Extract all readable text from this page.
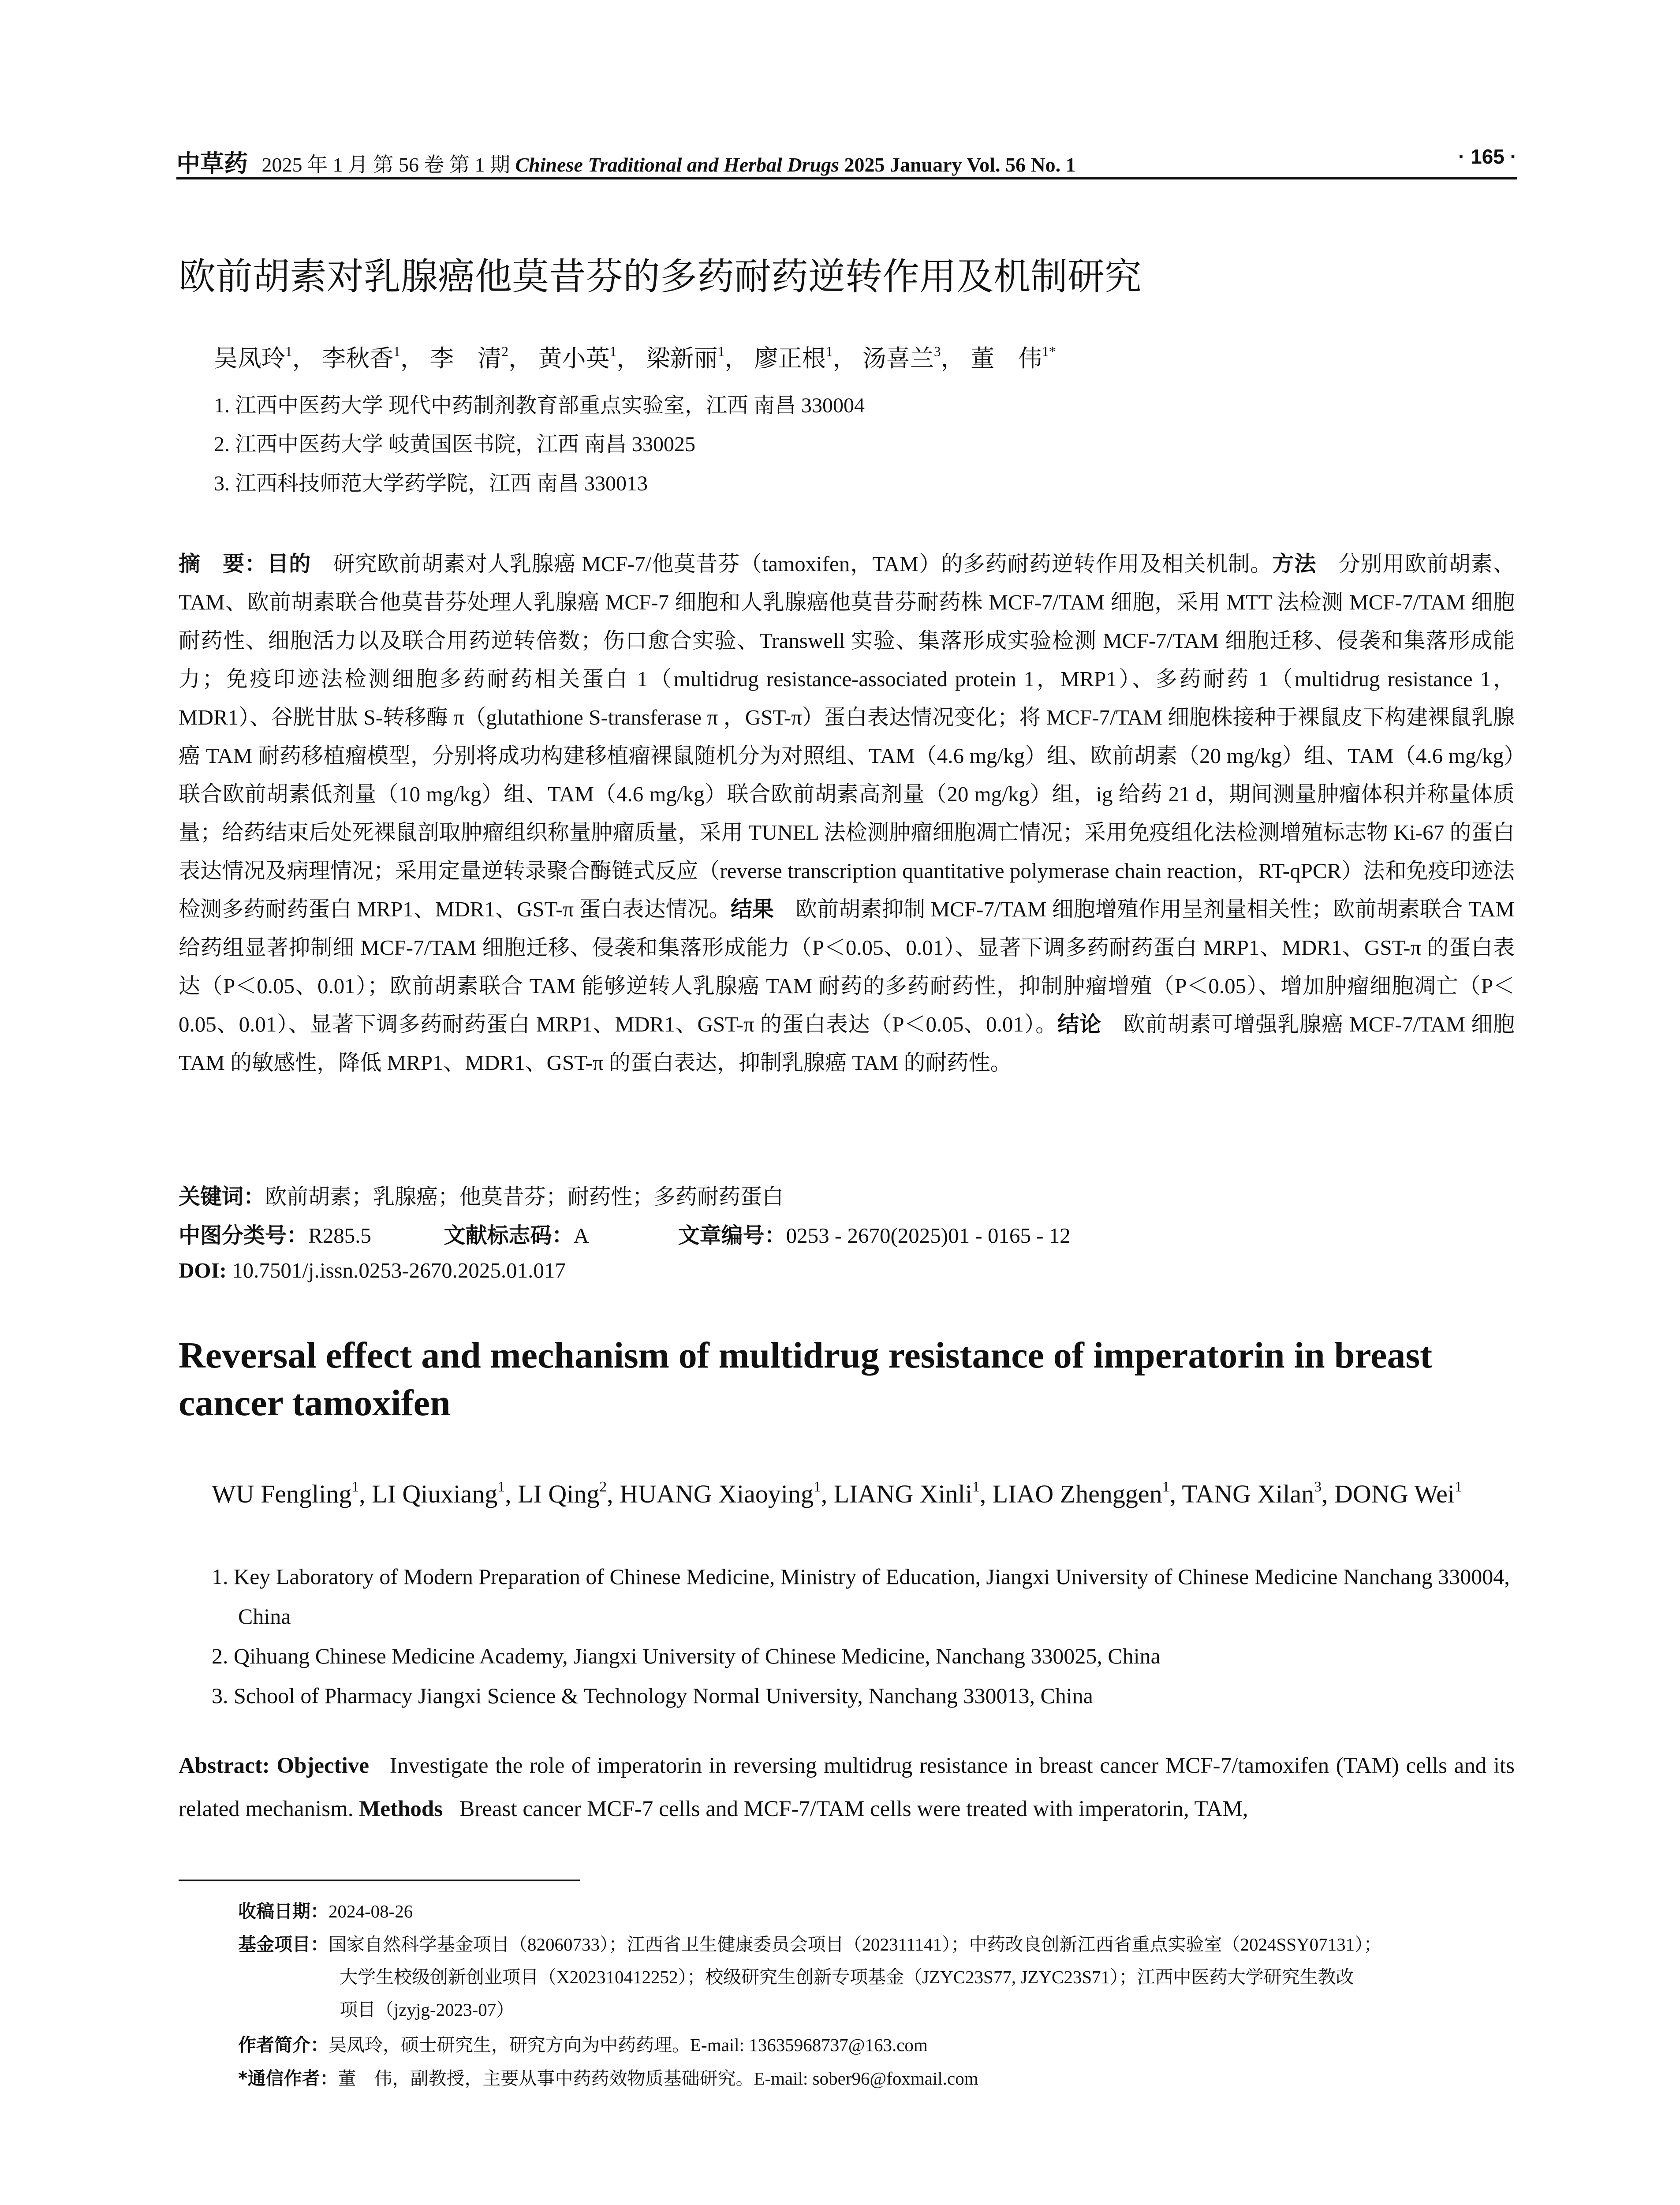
中草药 2025 年 1 月 第 56 卷 第 1 期 Chinese Traditional and Herbal Drugs 2025 January Vol. 56 No. 1	· 165 ·
欧前胡素对乳腺癌他莫昔芬的多药耐药逆转作用及机制研究
吴凤玲$^1$， 李秋香$^1$， 李　清$^2$， 黄小英$^1$， 梁新丽$^1$， 廖正根$^1$， 汤喜兰$^3$， 董　伟$^{1*}$
1. 江西中医药大学 现代中药制剂教育部重点实验室，江西 南昌 330004
2. 江西中医药大学 岐黄国医书院，江西 南昌 330025
3. 江西科技师范大学药学院，江西 南昌 330013
摘　要：目的　 研究欧前胡素对人乳腺癌 MCF-7/他莫昔芬（tamoxifen，TAM）的多药耐药逆转作用及相关机制。方法　 分别用欧前胡素、TAM、欧前胡素联合他莫昔芬处理人乳腺癌 MCF-7 细胞和人乳腺癌他莫昔芬耐药株 MCF-7/TAM 细胞，采用 MTT 法检测 MCF-7/TAM 细胞耐药性、细胞活力以及联合用药逆转倍数；伤口愈合实验、Transwell 实验、集落形成实验检测 MCF-7/TAM 细胞迁移、侵袭和集落形成能力；免疫印迹法检测细胞多药耐药相关蛋白 1（multidrug resistance-associated protein 1，MRP1）、多药耐药 1（multidrug resistance 1，MDR1）、谷胱甘肽 S-转移酶 π（glutathione S-transferase π ，GST-π）蛋白表达情况变化；将 MCF-7/TAM 细胞株接种于裸鼠皮下构建裸鼠乳腺癌 TAM 耐药移植瘤模型，分别将成功构建移植瘤裸鼠随机分为对照组、TAM（4.6 mg/kg）组、欧前胡素（20 mg/kg）组、TAM（4.6 mg/kg）联合欧前胡素低剂量（10 mg/kg）组、TAM（4.6 mg/kg）联合欧前胡素高剂量（20 mg/kg）组，ig 给药 21 d，期间测量肿瘤体积并称量体质量；给药结束后处死裸鼠剖取肿瘤组织称量肿瘤质量，采用 TUNEL 法检测肿瘤细胞凋亡情况；采用免疫组化法检测增殖标志物 Ki-67 的蛋白表达情况及病理情况；采用定量逆转录聚合酶链式反应（reverse transcription quantitative polymerase chain reaction，RT-qPCR）法和免疫印迹法检测多药耐药蛋白 MRP1、MDR1、GST-π 蛋白表达情况。结果　 欧前胡素抑制 MCF-7/TAM 细胞增殖作用呈剂量相关性；欧前胡素联合 TAM 给药组显著抑制细 MCF-7/TAM 细胞迁移、侵袭和集落形成能力（P＜0.05、0.01）、显著下调多药耐药蛋白 MRP1、MDR1、GST-π 的蛋白表达（P＜0.05、0.01）；欧前胡素联合 TAM 能够逆转人乳腺癌 TAM 耐药的多药耐药性，抑制肿瘤增殖（P＜0.05）、增加肿瘤细胞凋亡（P＜0.05、0.01）、显著下调多药耐药蛋白 MRP1、MDR1、GST-π 的蛋白表达（P＜0.05、0.01）。结论　 欧前胡素可增强乳腺癌 MCF-7/TAM 细胞 TAM 的敏感性，降低 MRP1、MDR1、GST-π 的蛋白表达，抑制乳腺癌 TAM 的耐药性。
关键词：欧前胡素；乳腺癌；他莫昔芬；耐药性；多药耐药蛋白
中图分类号：R285.5	文献标志码：A	文章编号：0253 - 2670(2025)01 - 0165 - 12
DOI: 10.7501/j.issn.0253-2670.2025.01.017
Reversal effect and mechanism of multidrug resistance of imperatorin in breast cancer tamoxifen
WU Fengling$^1$, LI Qiuxiang$^1$, LI Qing$^2$, HUANG Xiaoying$^1$, LIANG Xinli$^1$, LIAO Zhenggen$^1$, TANG Xilan$^3$, DONG Wei$^1$
1. Key Laboratory of Modern Preparation of Chinese Medicine, Ministry of Education, Jiangxi University of Chinese Medicine Nanchang 330004, China
2. Qihuang Chinese Medicine Academy, Jiangxi University of Chinese Medicine, Nanchang 330025, China
3. School of Pharmacy Jiangxi Science & Technology Normal University, Nanchang 330013, China
Abstract: Objective Investigate the role of imperatorin in reversing multidrug resistance in breast cancer MCF-7/tamoxifen (TAM) cells and its related mechanism. Methods Breast cancer MCF-7 cells and MCF-7/TAM cells were treated with imperatorin, TAM,
收稿日期：2024-08-26
基金项目：国家自然科学基金项目（82060733）；江西省卫生健康委员会项目（202311141）；中药改良创新江西省重点实验室（2024SSY07131）；
大学生校级创新创业项目（X202310412252）；校级研究生创新专项基金（JZYC23S77, JZYC23S71）；江西中医药大学研究生教改
项目（jzyjg-2023-07）
作者简介：吴凤玲，硕士研究生，研究方向为中药药理。E-mail: 13635968737@163.com
*通信作者：董　伟，副教授，主要从事中药药效物质基础研究。E-mail: sober96@foxmail.com
